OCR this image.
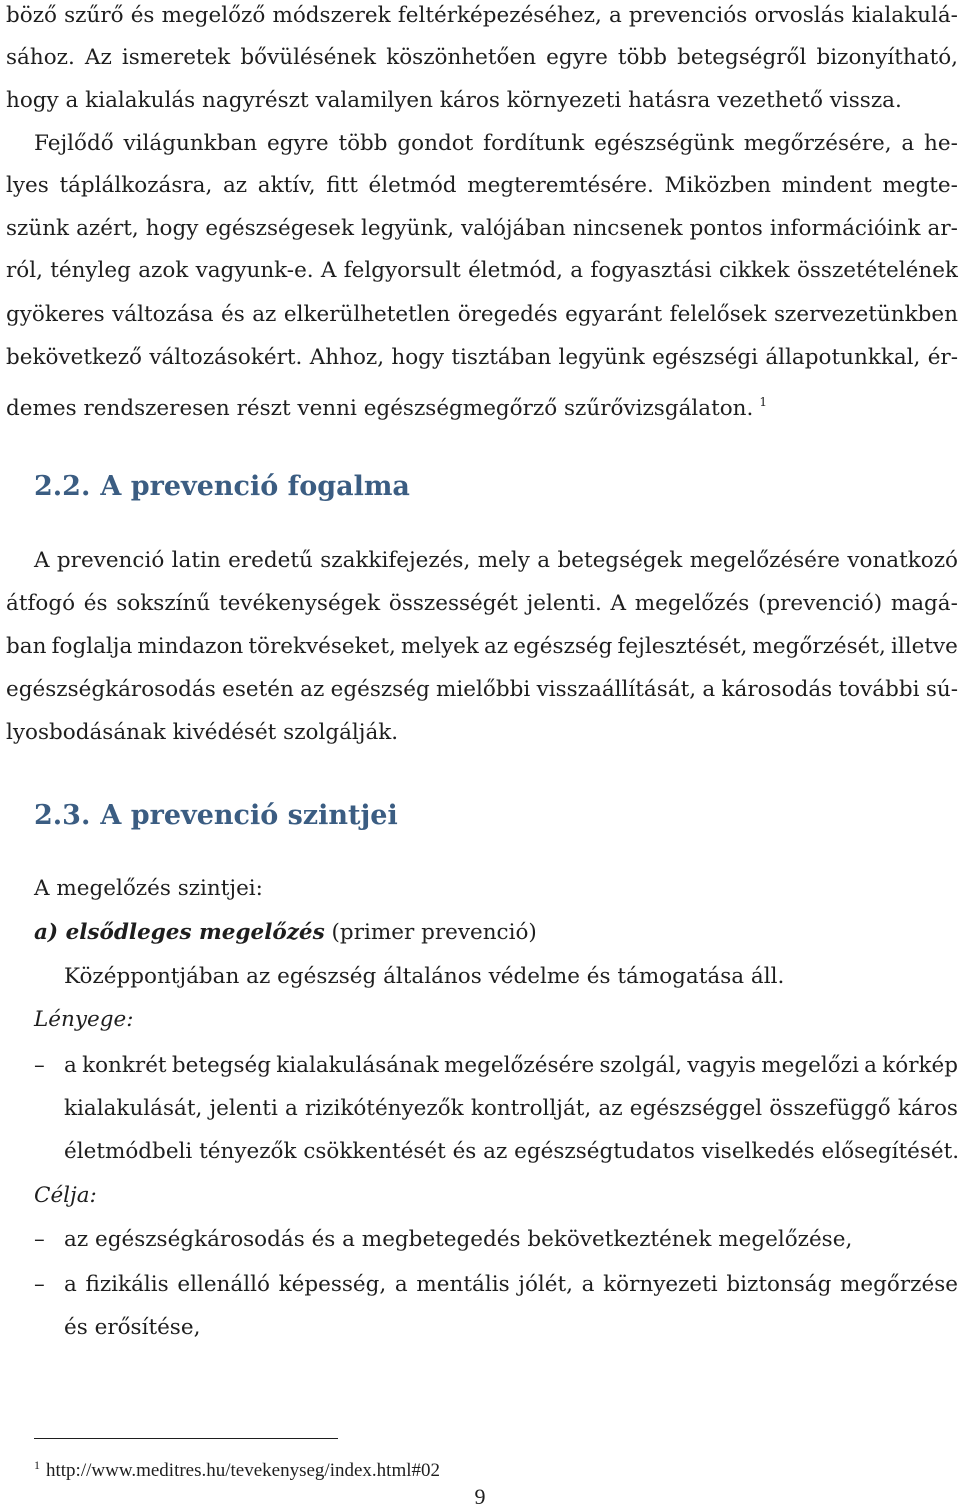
böző szűrő és megelőző módszerek feltérképezéséhez, a prevenciós orvoslás kialakulá-
sához. Az ismeretek bővülésének köszönhetően egyre több betegségről bizonyítható,
hogy a kialakulás nagyrészt valamilyen káros környezeti hatásra vezethető vissza.
Fejlődő világunkban egyre több gondot fordítunk egészségünk megőrzésére, a he-
lyes táplálkozásra, az aktív, fitt életmód megteremtésére. Miközben mindent megte-
szünk azért, hogy egészségesek legyünk, valójában nincsenek pontos információink ar-
ról, tényleg azok vagyunk-e. A felgyorsult életmód, a fogyasztási cikkek összetételének
gyökeres változása és az elkerülhetetlen öregedés egyaránt felelősek szervezetünkben
bekövetkező változásokért. Ahhoz, hogy tisztában legyünk egészségi állapotunkkal, ér-
demes rendszeresen részt venni egészségmegőrző szűrővizsgálaton. $^1$
2.2. A prevenció fogalma
A prevenció latin eredetű szakkifejezés, mely a betegségek megelőzésére vonatkozó
átfogó és sokszínű tevékenységek összességét jelenti. A megelőzés (prevenció) magá-
ban foglalja mindazon törekvéseket, melyek az egészség fejlesztését, megőrzését, illetve
egészségkárosodás esetén az egészség mielőbbi visszaállítását, a károsodás további sú-
lyosbodásának kivédését szolgálják.
2.3. A prevenció szintjei
A megelőzés szintjei:
a) elsődleges megelőzés (primer prevenció)
Középpontjában az egészség általános védelme és támogatása áll.
Lényege:
– a konkrét betegség kialakulásának megelőzésére szolgál, vagyis megelőzi a kórkép
kialakulását, jelenti a rizikótényezők kontrollját, az egészséggel összefüggő káros
életmódbeli tényezők csökkentését és az egészségtudatos viselkedés elősegítését.
Célja:
– az egészségkárosodás és a megbetegedés bekövetkeztének megelőzése,
– a fizikális ellenálló képesség, a mentális jólét, a környezeti biztonság megőrzése
és erősítése,
$^1$ http://www.meditres.hu/tevekenyseg/index.html#02
9
